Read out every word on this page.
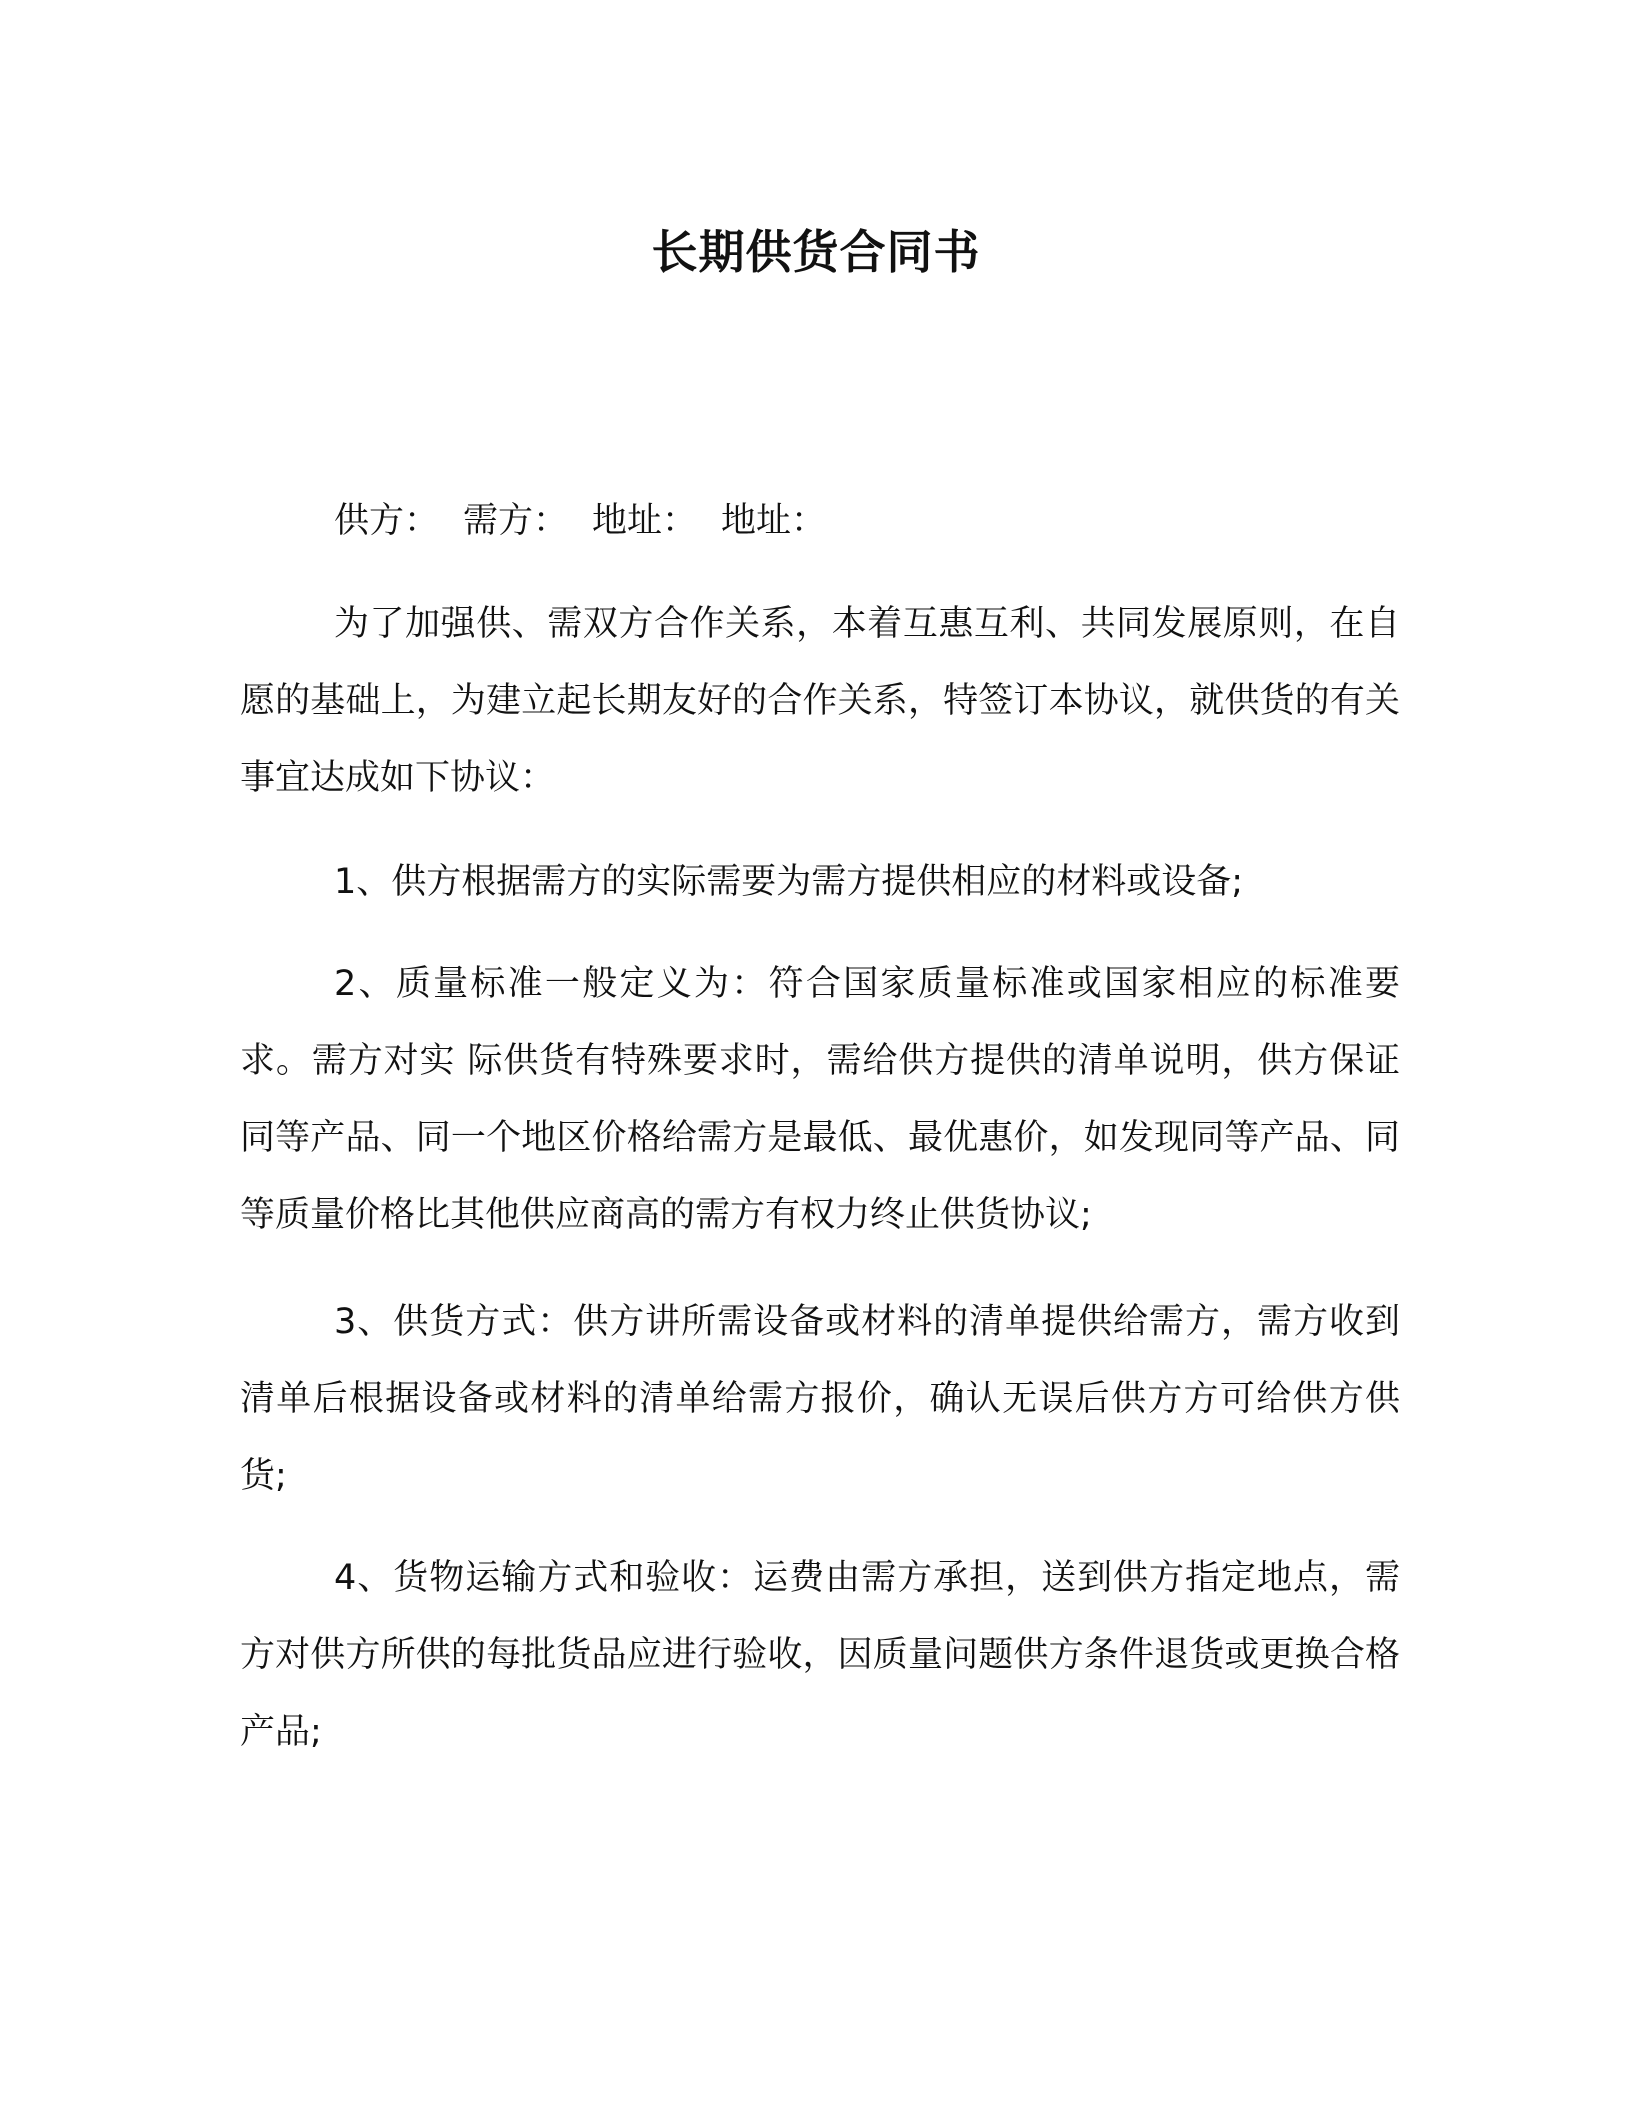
长期供货合同书

供方： 需方： 地址： 地址：

为了加强供、需双方合作关系，本着互惠互利、共同发展原则，在自愿的基础上，为建立起长期友好的合作关系，特签订本协议，就供货的有关事宜达成如下协议：

1、供方根据需方的实际需要为需方提供相应的材料或设备;

2、质量标准一般定义为：符合国家质量标准或国家相应的标准要求。需方对实 际供货有特殊要求时，需给供方提供的清单说明，供方保证同等产品、同一个地区价格给需方是最低、最优惠价，如发现同等产品、同等质量价格比其他供应商高的需方有权力终止供货协议;

3、供货方式：供方讲所需设备或材料的清单提供给需方，需方收到清单后根据设备或材料的清单给需方报价，确认无误后供方方可给供方供货;

4、货物运输方式和验收：运费由需方承担，送到供方指定地点，需方对供方所供的每批货品应进行验收，因质量问题供方条件退货或更换合格产品;
